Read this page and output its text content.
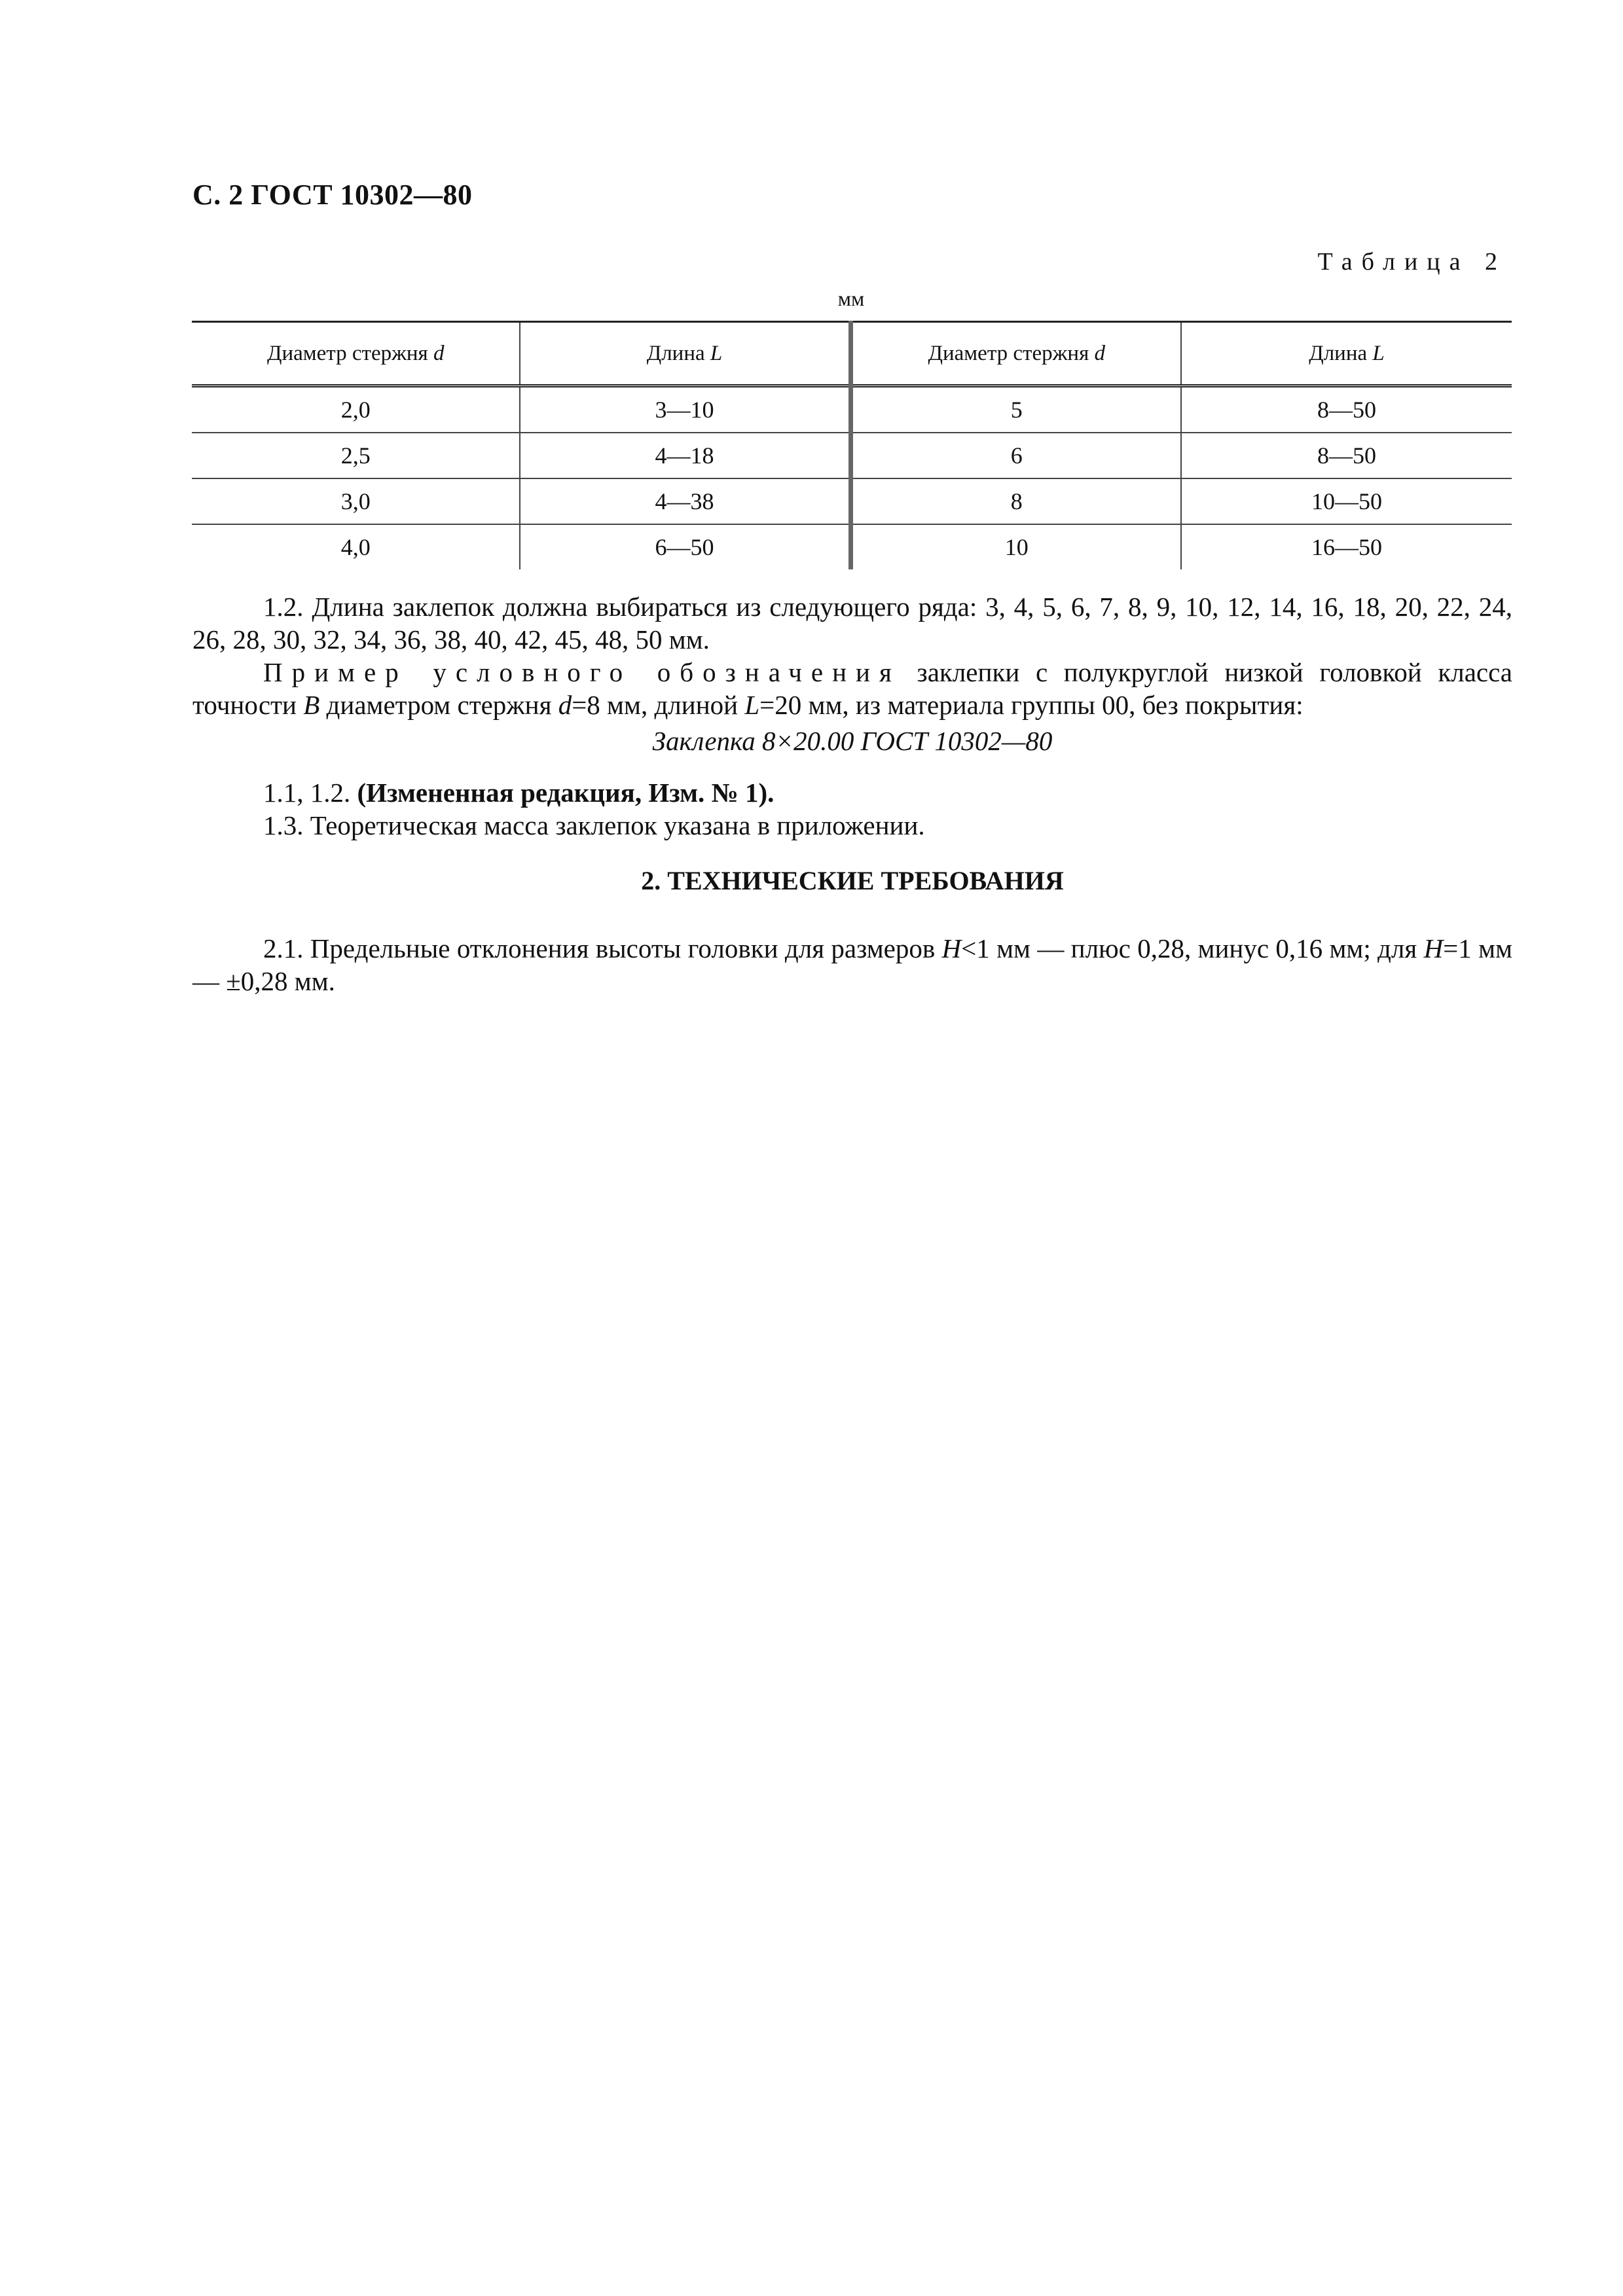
С. 2 ГОСТ 10302—80
Таблица 2
мм
Диаметр стержня d	Длина L	Диаметр стержня d	Длина L
2,0	3—10	5	8—50
2,5	4—18	6	8—50
3,0	4—38	8	10—50
4,0	6—50	10	16—50
1.2. Длина заклепок должна выбираться из следующего ряда: 3, 4, 5, 6, 7, 8, 9, 10, 12, 14, 16, 18, 20, 22, 24, 26, 28, 30, 32, 34, 36, 38, 40, 42, 45, 48, 50 мм.
Пример условного обозначения заклепки с полукруглой низкой головкой класса точности B диаметром стержня d=8 мм, длиной L=20 мм, из материала группы 00, без покрытия:
Заклепка 8×20.00 ГОСТ 10302—80
1.1, 1.2. (Измененная редакция, Изм. № 1).
1.3. Теоретическая масса заклепок указана в приложении.
2. ТЕХНИЧЕСКИЕ ТРЕБОВАНИЯ
2.1. Предельные отклонения высоты головки для размеров H<1 мм — плюс 0,28, минус 0,16 мм; для H=1 мм — ±0,28 мм.
